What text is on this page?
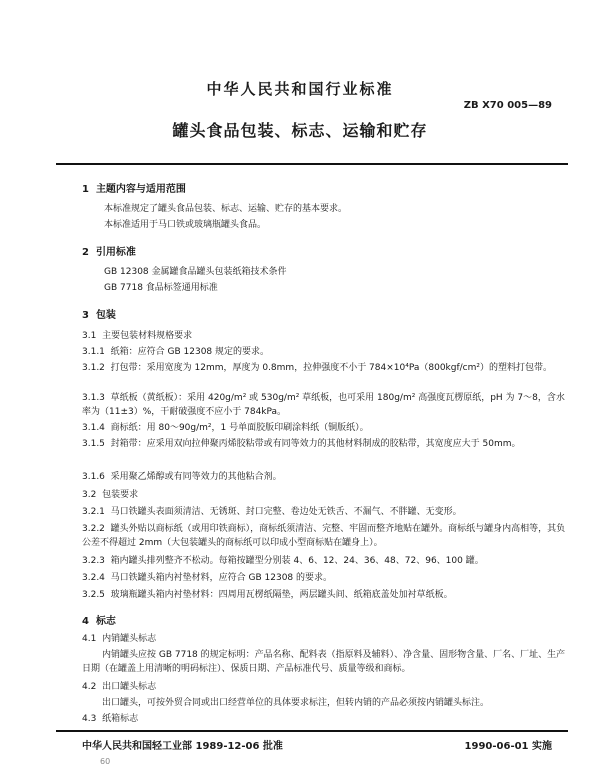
中华人民共和国行业标准
ZB X70 005—89
罐头食品包装、标志、运输和贮存
1 主题内容与适用范围
本标准规定了罐头食品包装、标志、运输、贮存的基本要求。
本标准适用于马口铁或玻璃瓶罐头食品。
2 引用标准
GB 12308 金属罐食品罐头包装纸箱技术条件
GB 7718 食品标签通用标准
3 包装
3.1 主要包装材料规格要求
3.1.1 纸箱：应符合 GB 12308 规定的要求。
3.1.2 打包带：采用宽度为 12mm，厚度为 0.8mm，拉伸强度不小于 784×10⁴Pa（800kgf/cm²）的塑料打包带。
3.1.3 草纸板（黄纸板）：采用 420g/m² 或 530g/m² 草纸板，也可采用 180g/m² 高强度瓦楞原纸，pH 为 7～8，含水率为（11±3）%，干耐破强度不应小于 784kPa。
3.1.4 商标纸：用 80～90g/m²，1 号单面胶版印刷涂料纸（铜版纸）。
3.1.5 封箱带：应采用双向拉伸聚丙烯胶粘带或有同等效力的其他材料制成的胶粘带，其宽度应大于 50mm。
3.1.6 采用聚乙烯醇或有同等效力的其他粘合剂。
3.2 包装要求
3.2.1 马口铁罐头表面须清洁、无锈斑、封口完整、卷边处无铁舌、不漏气、不胖罐、无变形。
3.2.2 罐头外贴以商标纸（或用印铁商标），商标纸须清洁、完整、牢固而整齐地贴在罐外。商标纸与罐身内高相等，其负公差不得超过 2mm（大包装罐头的商标纸可以印成小型商标贴在罐身上）。
3.2.3 箱内罐头排列整齐不松动。每箱按罐型分别装 4、6、12、24、36、48、72、96、100 罐。
3.2.4 马口铁罐头箱内衬垫材料，应符合 GB 12308 的要求。
3.2.5 玻璃瓶罐头箱内衬垫材料：四周用瓦楞纸隔垫，两层罐头间、纸箱底盖处加衬草纸板。
4 标志
4.1 内销罐头标志
内销罐头应按 GB 7718 的规定标明：产品名称、配料表（指原料及辅料）、净含量、固形物含量、厂名、厂址、生产日期（在罐盖上用清晰的明码标注）、保质日期、产品标准代号、质量等级和商标。
4.2 出口罐头标志
出口罐头，可按外贸合同或出口经营单位的具体要求标注，但转内销的产品必须按内销罐头标注。
4.3 纸箱标志
中华人民共和国轻工业部 1989-12-06 批准	1990-06-01 实施
60
